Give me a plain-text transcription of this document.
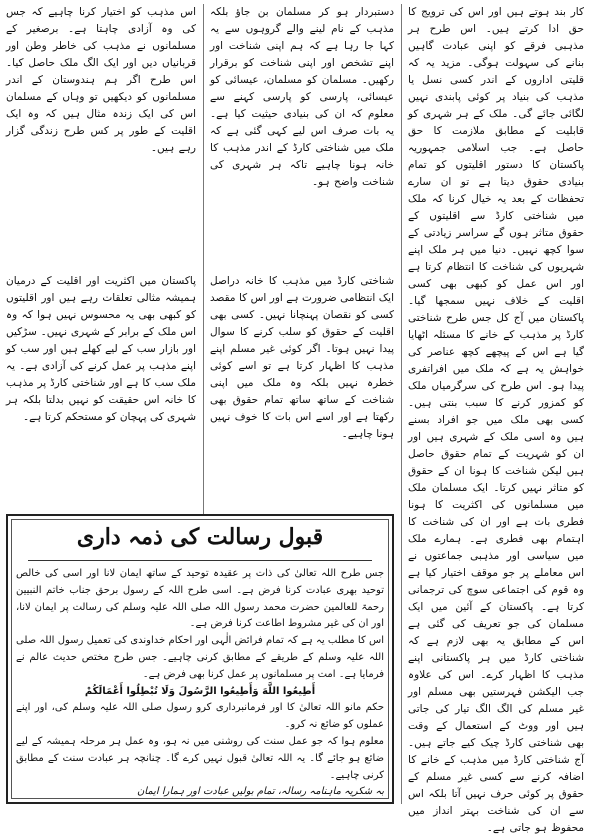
کار بند ہوتے ہیں اور اس کی ترویج کا حق ادا کرتے ہیں۔ اس طرح ہر مذہبی فرقے کو اپنی عبادت گاہیں بنانے کی سہولت ہوگی۔ مزید یہ کہ قلیتی اداروں کے اندر کسی نسل یا مذہب کی بنیاد پر کوئی پابندی نہیں لگائی جائے گی۔ ملک کے ہر شہری کو قابلیت کے مطابق ملازمت کا حق حاصل ہے۔ جب اسلامی جمہوریہ پاکستان کا دستور اقلیتوں کو تمام بنیادی حقوق دیتا ہے تو ان سارے تحفظات کے بعد یہ خیال کرنا کہ ملک میں شناختی کارڈ سے اقلیتوں کے حقوق متاثر ہوں گے سراسر زیادتی کے سوا کچھ نہیں۔ دنیا میں ہر ملک اپنے شہریوں کی شناخت کا انتظام کرتا ہے اور اس عمل کو کبھی بھی کسی اقلیت کے خلاف نہیں سمجھا گیا۔ پاکستان میں آج کل جس طرح شناختی کارڈ پر مذہب کے خانے کا مسئلہ اٹھایا گیا ہے اس کے پیچھے کچھ عناصر کی خواہش یہ ہے کہ ملک میں افراتفری پیدا ہو۔ اس طرح کی سرگرمیاں ملک کو کمزور کرنے کا سبب بنتی ہیں۔ کسی بھی ملک میں جو افراد بسنے ہیں وہ اسی ملک کے شہری ہیں اور ان کو شہریت کے تمام حقوق حاصل ہیں لیکن شناخت کا ہونا ان کے حقوق کو متاثر نہیں کرتا۔ ایک مسلمان ملک میں مسلمانوں کی اکثریت کا ہونا فطری بات ہے اور ان کی شناخت کا اہتمام بھی فطری ہے۔ ہمارے ملک میں سیاسی اور مذہبی جماعتوں نے اس معاملے پر جو موقف اختیار کیا ہے وہ قوم کی اجتماعی سوچ کی ترجمانی کرتا ہے۔ پاکستان کے آئین میں ایک مسلمان کی جو تعریف کی گئی ہے اس کے مطابق یہ بھی لازم ہے کہ شناختی کارڈ میں ہر پاکستانی اپنے مذہب کا اظہار کرے۔ اس کی علاوہ جب الیکشن فہرستیں بھی مسلم اور غیر مسلم کی الگ الگ تیار کی جاتی ہیں اور ووٹ کے استعمال کے وقت بھی شناختی کارڈ چیک کیے جاتے ہیں۔ آج شناختی کارڈ میں مذہب کے خانے کا اضافہ کرنے سے کسی غیر مسلم کے حقوق پر کوئی حرف نہیں آتا بلکہ اس سے ان کی شناخت بہتر انداز میں محفوظ ہو جاتی ہے۔

دستبردار ہو کر مسلمان بن جاؤ بلکہ مذہب کے نام لینے والے گروہوں سے یہ کہا جا رہا ہے کہ ہم اپنی شناخت اور اپنے تشخص اور اپنی شناخت کو برقرار رکھیں۔ مسلمان کو مسلمان، عیسائی کو عیسائی، پارسی کو پارسی کہنے سے معلوم کہ ان کی بنیادی حیثیت کیا ہے۔ یہ بات صرف اس لیے کہی گئی ہے کہ ملک میں شناختی کارڈ کے اندر مذہب کا خانہ ہونا چاہیے تاکہ ہر شہری کی شناخت واضح ہو۔

اس مذہب کو اختیار کرنا چاہیے کہ جس کی وہ آزادی چاہتا ہے۔ برصغیر کے مسلمانوں نے مذہب کی خاطر وطن اور قربانیاں دیں اور ایک الگ ملک حاصل کیا۔ اس طرح اگر ہم ہندوستان کے اندر مسلمانوں کو دیکھیں تو وہاں کے مسلمان اس کی ایک زندہ مثال ہیں کہ وہ ایک اقلیت کے طور پر کس طرح زندگی گزار رہے ہیں۔

شناختی کارڈ میں مذہب کا خانہ دراصل ایک انتظامی ضرورت ہے اور اس کا مقصد کسی کو نقصان پہنچانا نہیں۔ کسی بھی اقلیت کے حقوق کو سلب کرنے کا سوال پیدا نہیں ہوتا۔ اگر کوئی غیر مسلم اپنے مذہب کا اظہار کرتا ہے تو اسے کوئی خطرہ نہیں بلکہ وہ ملک میں اپنی شناخت کے ساتھ ساتھ تمام حقوق بھی رکھتا ہے اور اسے اس بات کا خوف نہیں ہونا چاہیے۔

پاکستان میں اکثریت اور اقلیت کے درمیان ہمیشہ مثالی تعلقات رہے ہیں اور اقلیتوں کو کبھی بھی یہ محسوس نہیں ہوا کہ وہ اس ملک کے برابر کے شہری نہیں۔ سڑکیں اور بازار سب کے لیے کھلے ہیں اور سب کو اپنے مذہب پر عمل کرنے کی آزادی ہے۔ یہ ملک سب کا ہے اور شناختی کارڈ پر مذہب کا خانہ اس حقیقت کو نہیں بدلتا بلکہ ہر شہری کی پہچان کو مستحکم کرتا ہے۔

قبول رسالت کی ذمہ داری

جس طرح اللہ تعالیٰ کی ذات پر عقیدہ توحید کے ساتھ ایمان لانا اور اسی کی خالص توحید بھری عبادت کرنا فرض ہے۔ اسی طرح اللہ کے رسول برحق جناب خاتم النبیین رحمۃ للعالمین حضرت محمد رسول اللہ صلی اللہ علیہ وسلم کی رسالت پر ایمان لانا، اور ان کی غیر مشروط اطاعت کرنا فرض ہے۔

اس کا مطلب یہ ہے کہ تمام فرائض الٰہی اور احکام خداوندی کی تعمیل رسول اللہ صلی اللہ علیہ وسلم کے طریقے کے مطابق کرنی چاہیے۔ جس طرح مختص حدیث عالم نے فرمایا ہے۔ امت پر مسلمانوں پر عمل کرنا بھی فرض ہے۔

أَطِيعُوا اللَّهَ وَأَطِيعُوا الرَّسُولَ وَلَا تُبْطِلُوا أَعْمَالَكُمْ

حکم مانو اللہ تعالیٰ کا اور فرمانبرداری کرو رسول صلی اللہ علیہ وسلم کی، اور اپنے عملوں کو ضائع نہ کرو۔

معلوم ہوا کہ جو عمل سنت کی روشنی میں نہ ہو، وہ عمل ہر مرحلہ ہمیشہ کے لیے ضائع ہو جائے گا۔ یہ اللہ تعالیٰ قبول نہیں کرے گا۔ چنانچہ ہر عبادت سنت کے مطابق کرنی چاہیے۔

بہ شکریہ ماہنامہ رسالہ، تمام بولیں عبادت اور ہمارا ایمان
